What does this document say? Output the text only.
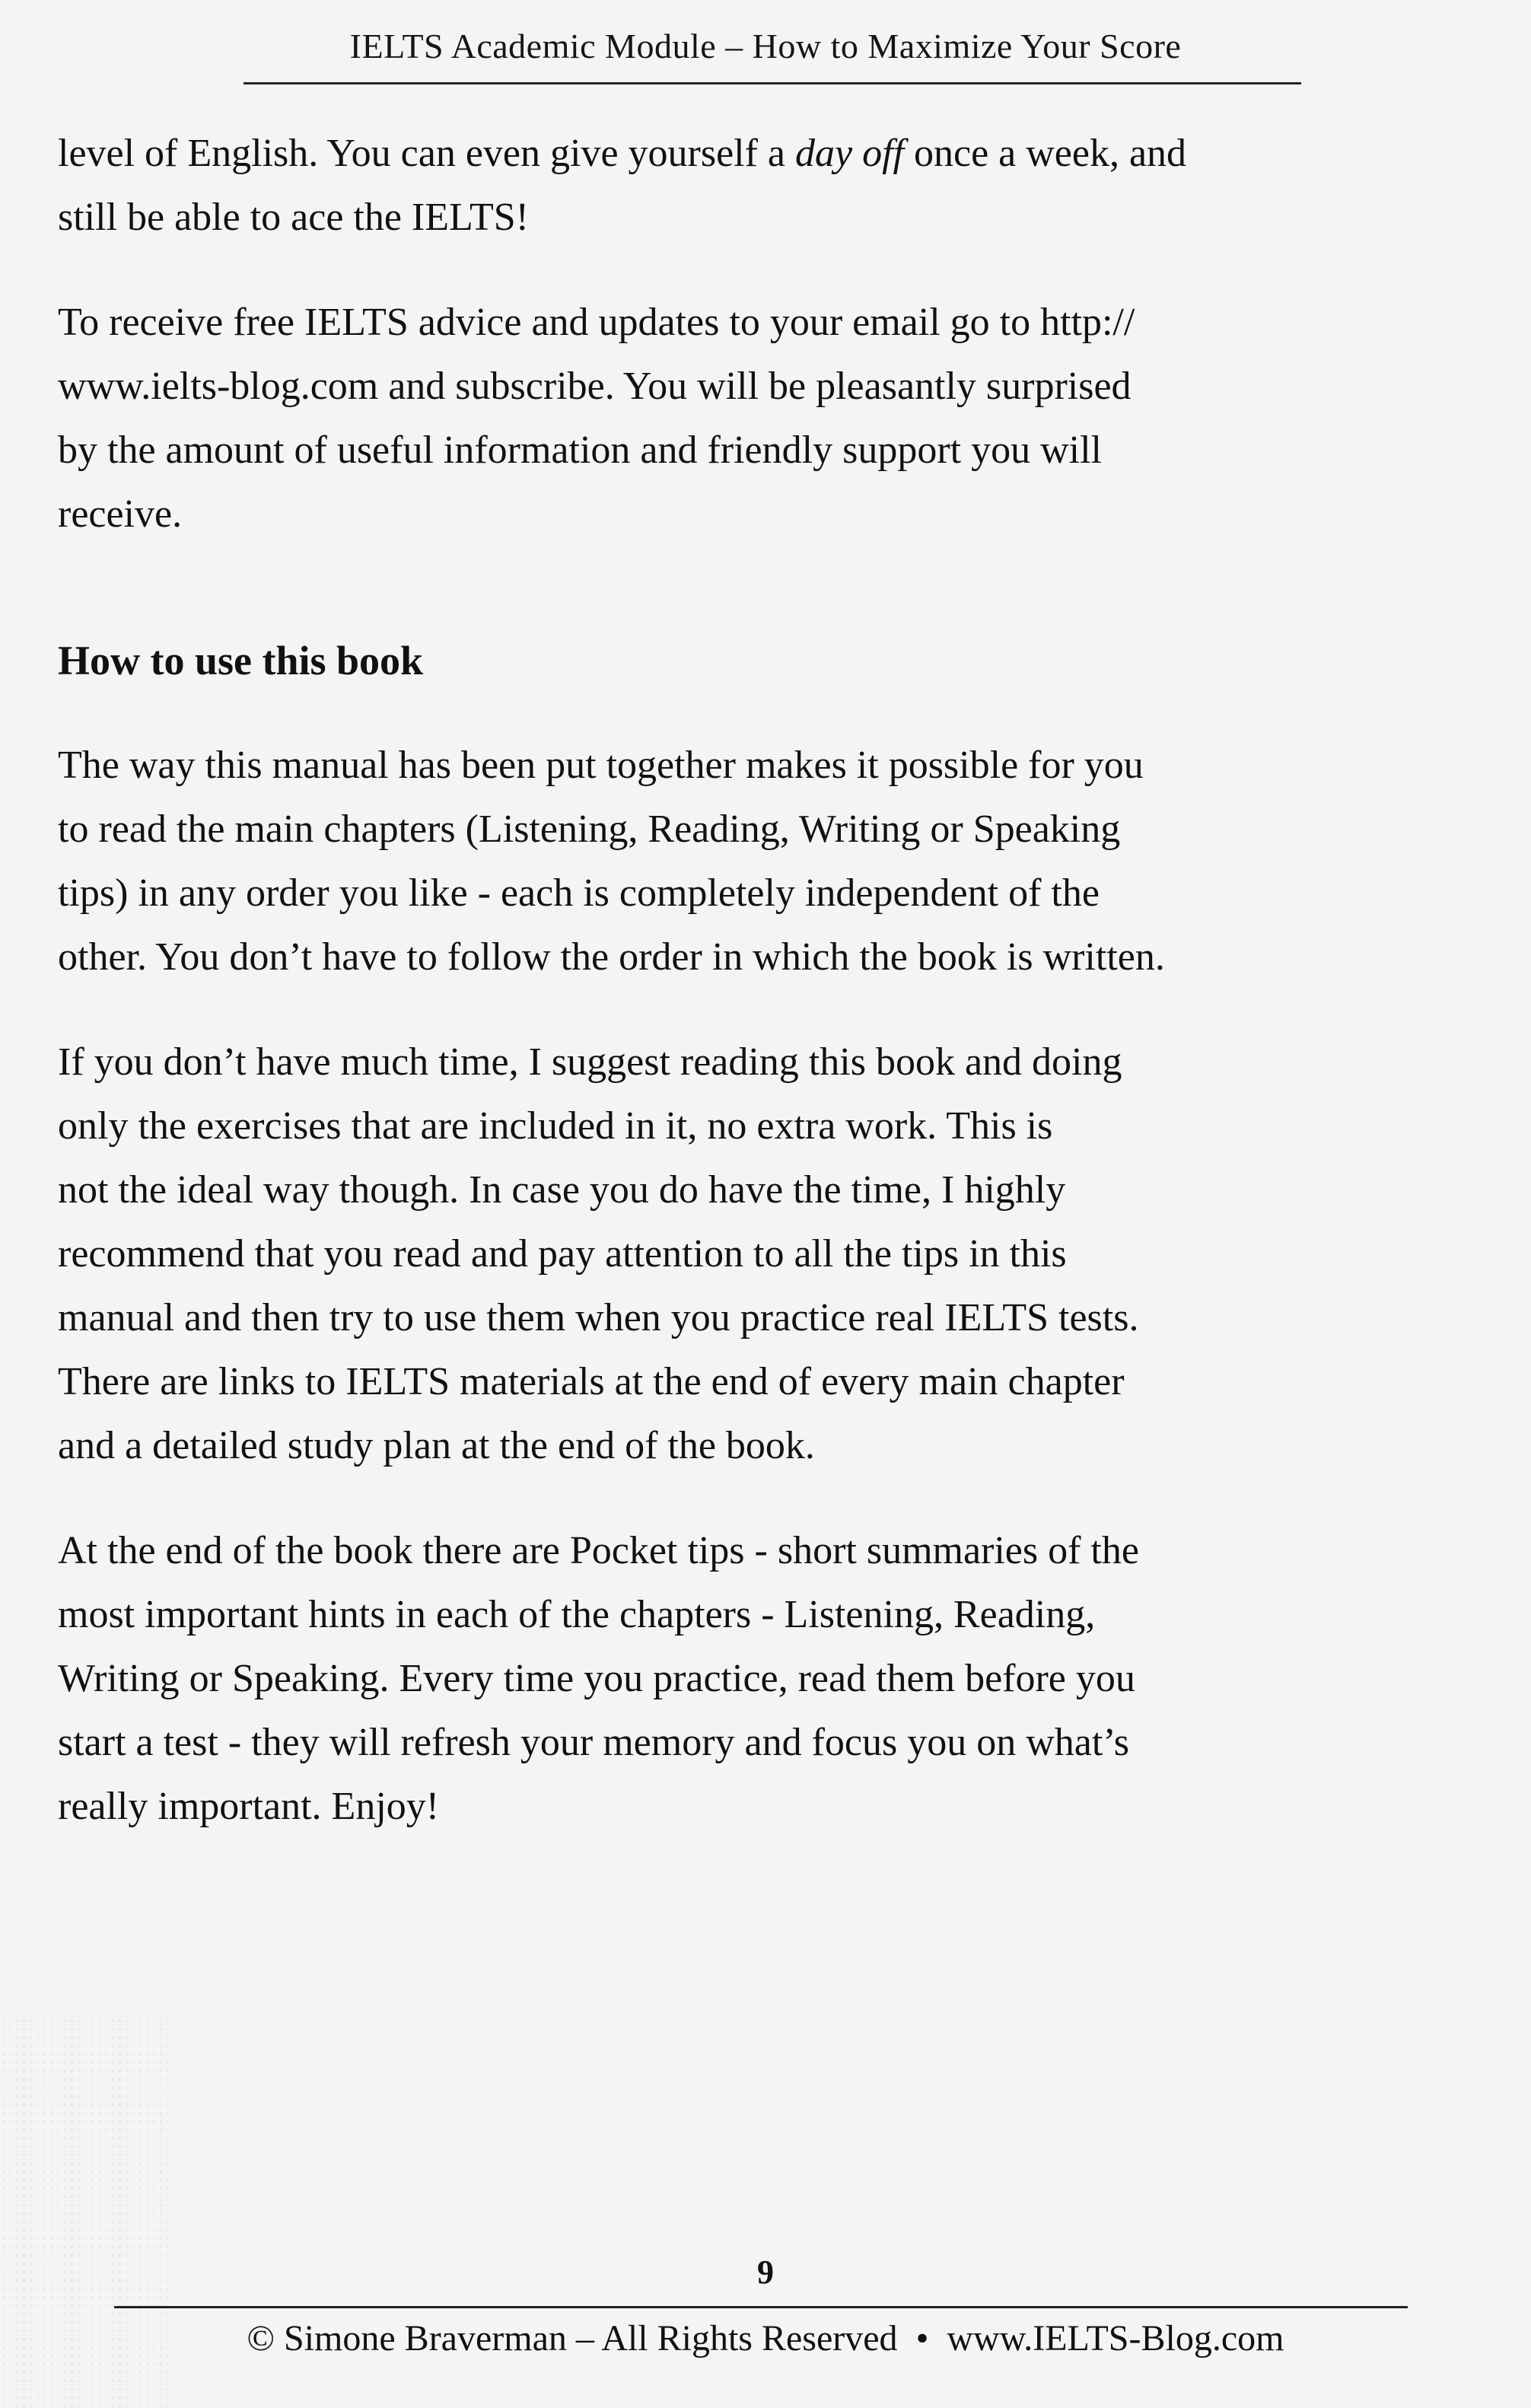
IELTS Academic Module – How to Maximize Your Score

level of English. You can even give yourself a day off once a week, and
still be able to ace the IELTS!

To receive free IELTS advice and updates to your email go to http://
www.ielts-blog.com and subscribe. You will be pleasantly surprised
by the amount of useful information and friendly support you will
receive.

How to use this book

The way this manual has been put together makes it possible for you
to read the main chapters (Listening, Reading, Writing or Speaking
tips) in any order you like - each is completely independent of the
other. You don’t have to follow the order in which the book is written.

If you don’t have much time, I suggest reading this book and doing
only the exercises that are included in it, no extra work. This is
not the ideal way though. In case you do have the time, I highly
recommend that you read and pay attention to all the tips in this
manual and then try to use them when you practice real IELTS tests.
There are links to IELTS materials at the end of every main chapter
and a detailed study plan at the end of the book.

At the end of the book there are Pocket tips - short summaries of the
most important hints in each of the chapters - Listening, Reading,
Writing or Speaking. Every time you practice, read them before you
start a test - they will refresh your memory and focus you on what’s
really important. Enjoy!

9
© Simone Braverman – All Rights Reserved • www.IELTS-Blog.com
